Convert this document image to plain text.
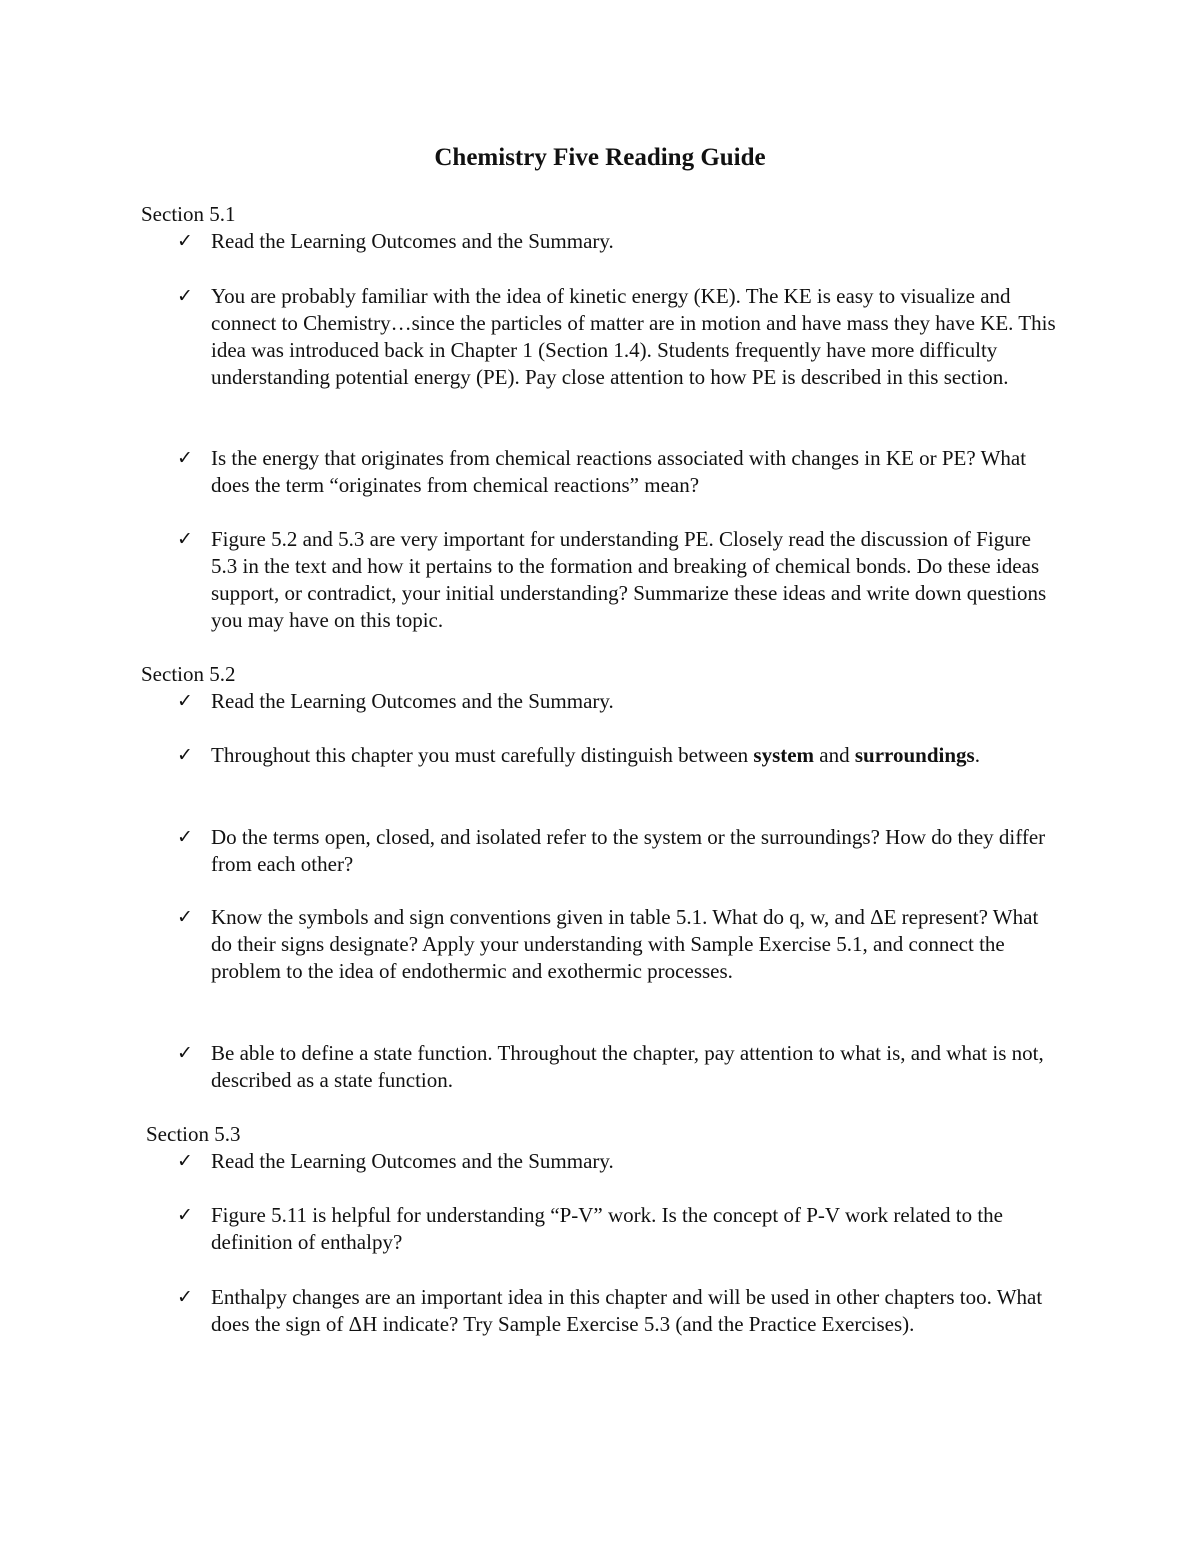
Chemistry Five Reading Guide
Section 5.1
✓ Read the Learning Outcomes and the Summary.
✓ You are probably familiar with the idea of kinetic energy (KE). The KE is easy to visualize and connect to Chemistry…since the particles of matter are in motion and have mass they have KE. This idea was introduced back in Chapter 1 (Section 1.4). Students frequently have more difficulty understanding potential energy (PE). Pay close attention to how PE is described in this section.
✓ Is the energy that originates from chemical reactions associated with changes in KE or PE? What does the term “originates from chemical reactions” mean?
✓ Figure 5.2 and 5.3 are very important for understanding PE. Closely read the discussion of Figure 5.3 in the text and how it pertains to the formation and breaking of chemical bonds. Do these ideas support, or contradict, your initial understanding? Summarize these ideas and write down questions you may have on this topic.
Section 5.2
✓ Read the Learning Outcomes and the Summary.
✓ Throughout this chapter you must carefully distinguish between system and surroundings.
✓ Do the terms open, closed, and isolated refer to the system or the surroundings? How do they differ from each other?
✓ Know the symbols and sign conventions given in table 5.1. What do q, w, and ΔE represent? What do their signs designate? Apply your understanding with Sample Exercise 5.1, and connect the problem to the idea of endothermic and exothermic processes.
✓ Be able to define a state function. Throughout the chapter, pay attention to what is, and what is not, described as a state function.
Section 5.3
✓ Read the Learning Outcomes and the Summary.
✓ Figure 5.11 is helpful for understanding “P-V” work. Is the concept of P-V work related to the definition of enthalpy?
✓ Enthalpy changes are an important idea in this chapter and will be used in other chapters too. What does the sign of ΔH indicate? Try Sample Exercise 5.3 (and the Practice Exercises).
